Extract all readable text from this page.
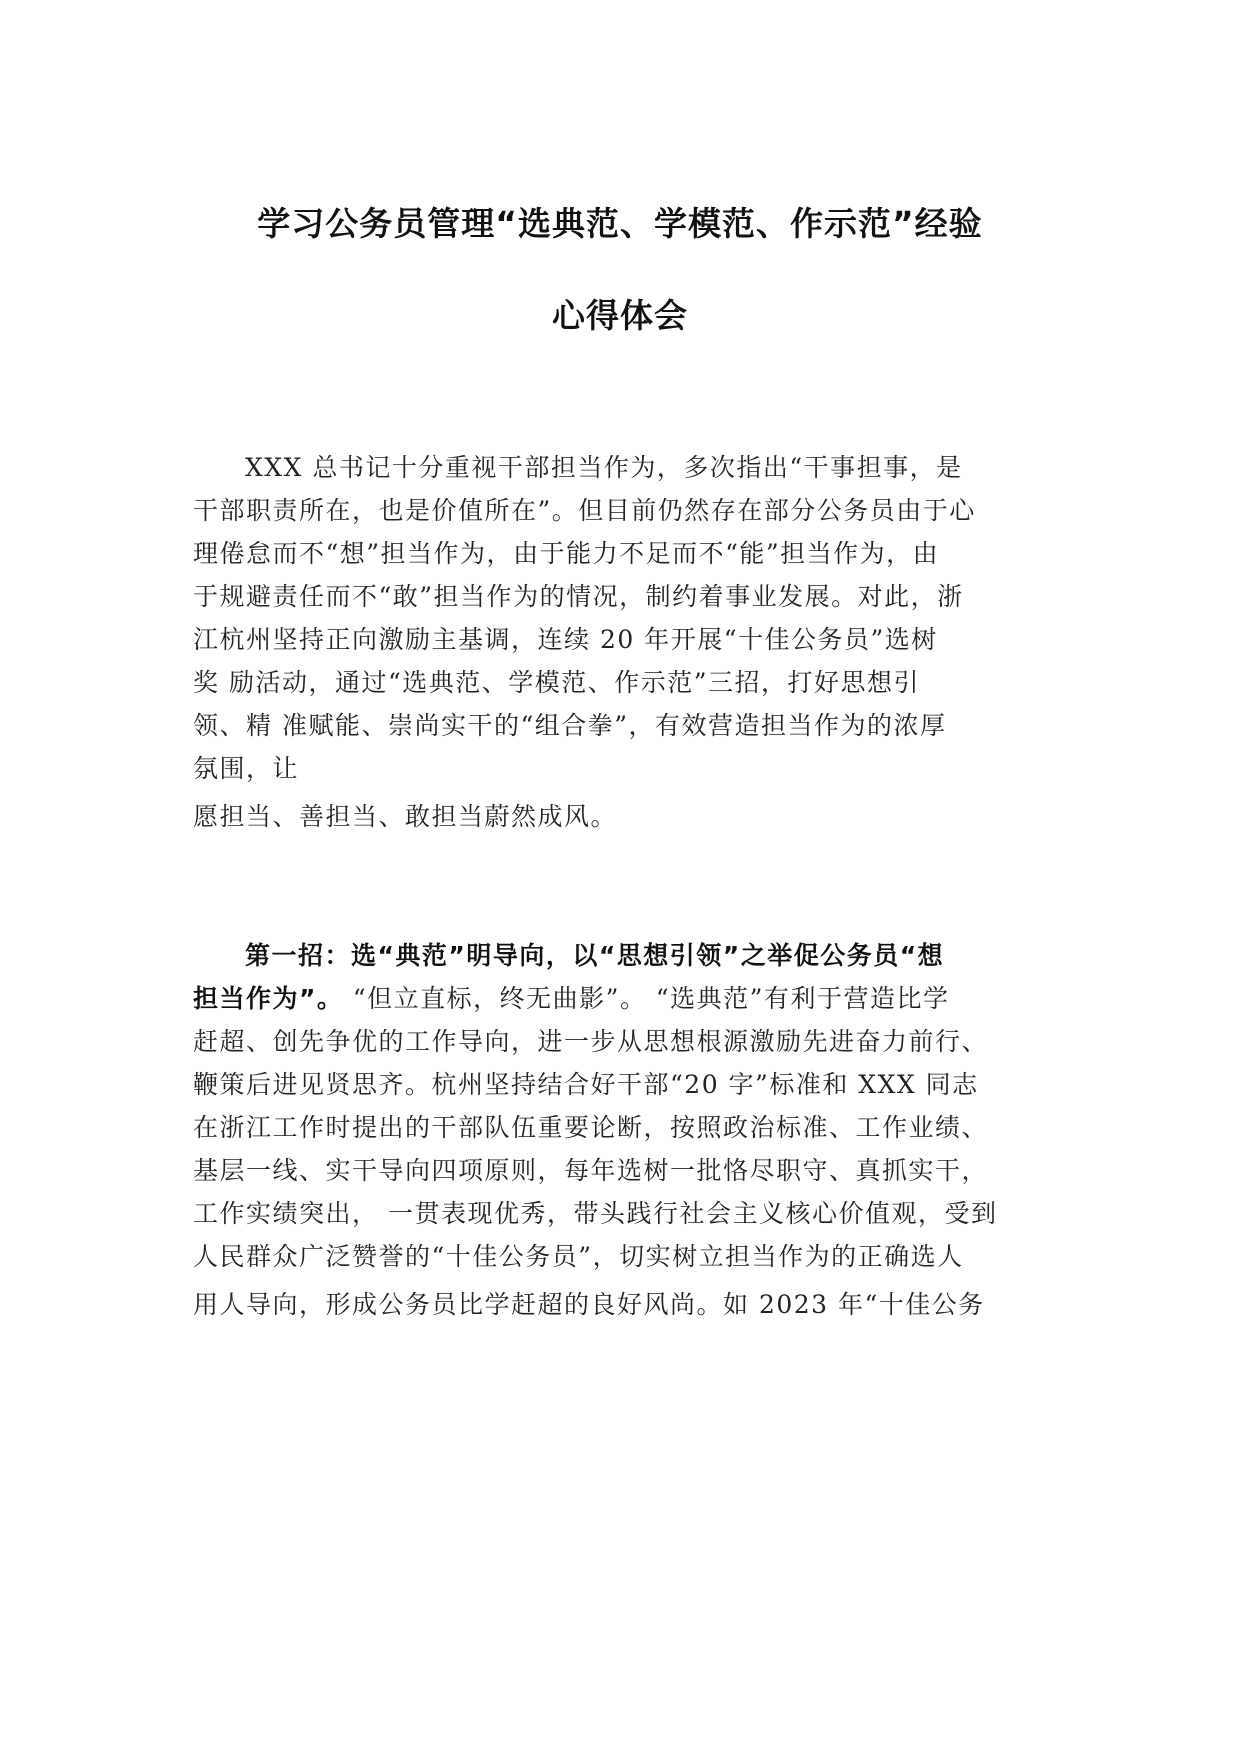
学习公务员管理“选典范、学模范、作示范”经验
心得体会
XXX 总书记十分重视干部担当作为，多次指出“干事担事，是
干部职责所在，也是价值所在”。但目前仍然存在部分公务员由于心
理倦怠而不“想”担当作为，由于能力不足而不“能”担当作为，由
于规避责任而不“敢”担当作为的情况，制约着事业发展。对此，浙
江杭州坚持正向激励主基调，连续 20 年开展“十佳公务员”选树
奖 励活动，通过“选典范、学模范、作示范”三招，打好思想引
领、精 准赋能、崇尚实干的“组合拳”，有效营造担当作为的浓厚
氛围，让
愿担当、善担当、敢担当蔚然成风。
第一招：选“典范”明导向，以“思想引领”之举促公务员“想
担当作为”。 “但立直标，终无曲影”。 “选典范”有利于营造比学
赶超、创先争优的工作导向，进一步从思想根源激励先进奋力前行、
鞭策后进见贤思齐。杭州坚持结合好干部“20 字”标准和 XXX 同志
在浙江工作时提出的干部队伍重要论断，按照政治标准、工作业绩、
基层一线、实干导向四项原则，每年选树一批恪尽职守、真抓实干，
工作实绩突出， 一贯表现优秀，带头践行社会主义核心价值观，受到
人民群众广泛赞誉的“十佳公务员”，切实树立担当作为的正确选人
用人导向，形成公务员比学赶超的良好风尚。如 2023 年“十佳公务
